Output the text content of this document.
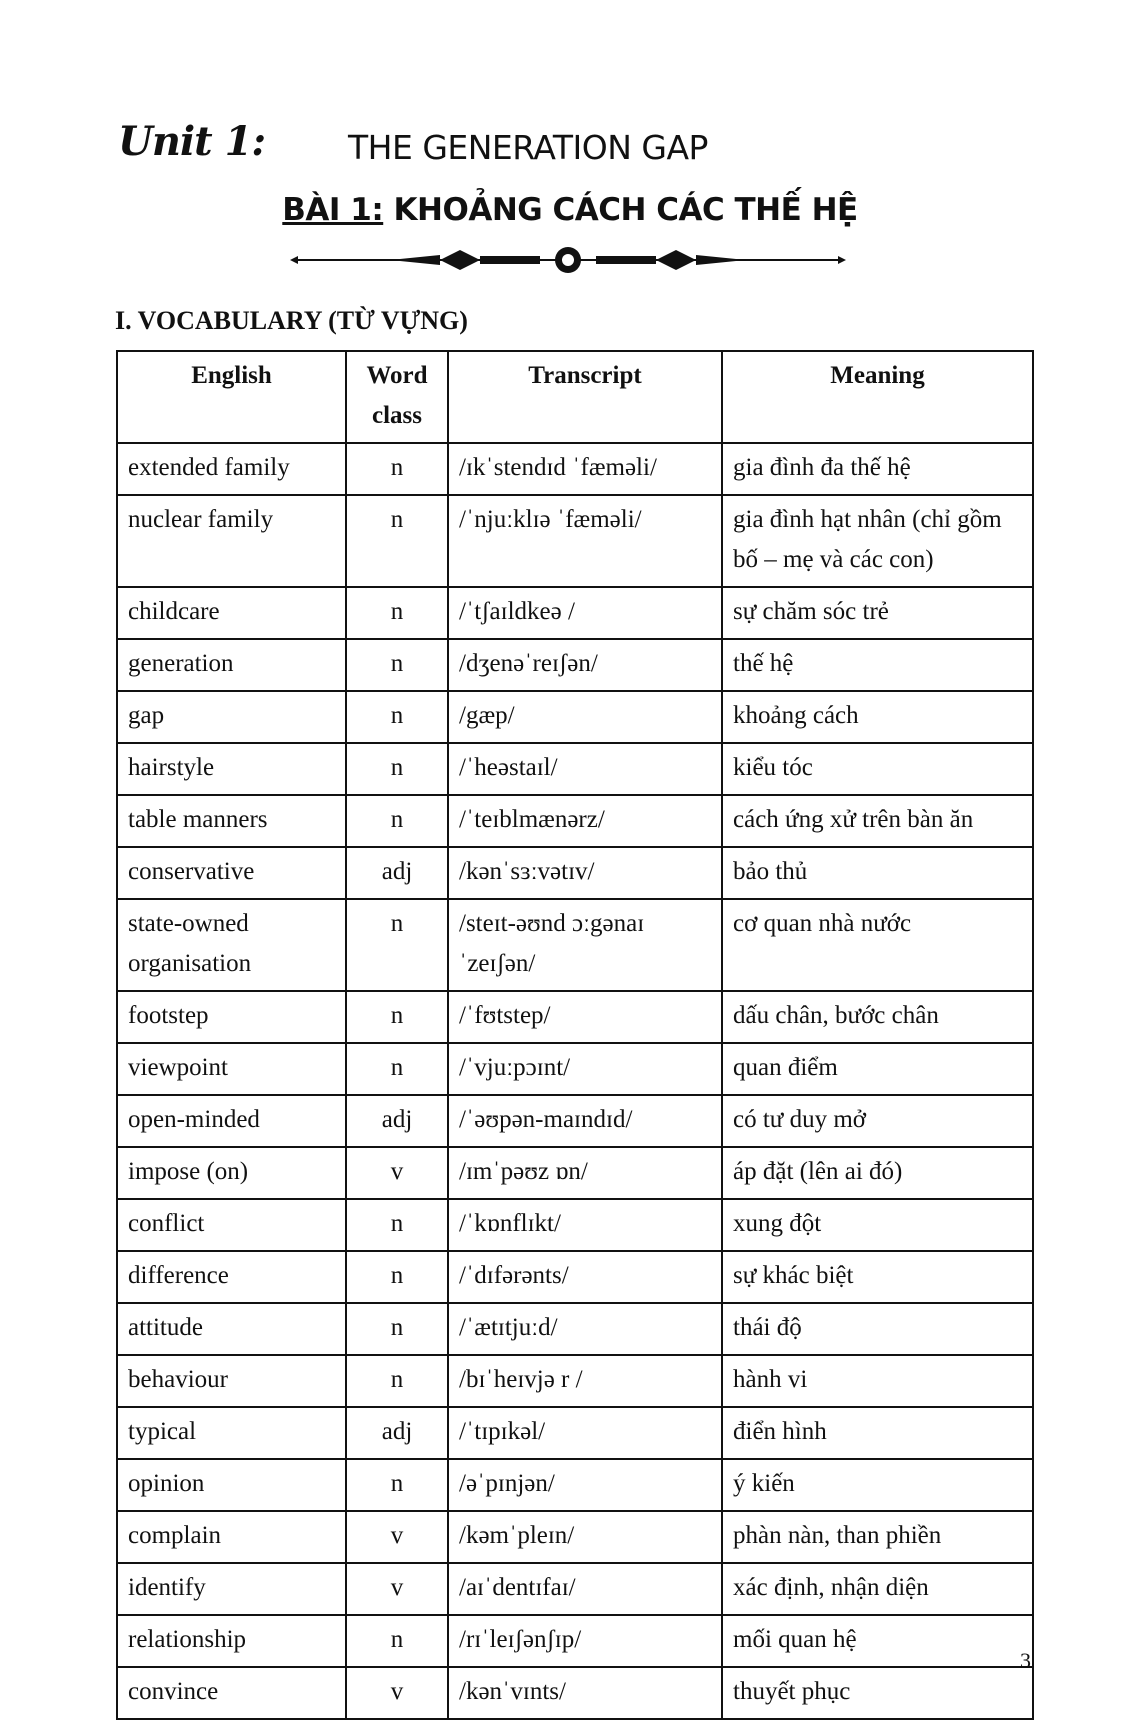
Unit 1:	THE GENERATION GAP
BÀI 1: KHOẢNG CÁCH CÁC THẾ HỆ
I. VOCABULARY (TỪ VỰNG)
English	Word class	Transcript	Meaning
extended family	n	/ɪkˈstendɪd ˈfæməli/	gia đình đa thế hệ
nuclear family	n	/ˈnjuːklɪə ˈfæməli/	gia đình hạt nhân (chỉ gồm bố – mẹ và các con)
childcare	n	/ˈtʃaɪldkeə /	sự chăm sóc trẻ
generation	n	/dʒenəˈreɪʃən/	thế hệ
gap	n	/gæp/	khoảng cách
hairstyle	n	/ˈheəstaɪl/	kiểu tóc
table manners	n	/ˈteɪblmænərz/	cách ứng xử trên bàn ăn
conservative	adj	/kənˈsɜːvətɪv/	bảo thủ
state-owned organisation	n	/steɪt-əʊnd ɔːgənaɪˈzeɪʃən/	cơ quan nhà nước
footstep	n	/ˈfʊtstep/	dấu chân, bước chân
viewpoint	n	/ˈvjuːpɔɪnt/	quan điểm
open-minded	adj	/ˈəʊpən-maɪndɪd/	có tư duy mở
impose (on)	v	/ɪmˈpəʊz ɒn/	áp đặt (lên ai đó)
conflict	n	/ˈkɒnflɪkt/	xung đột
difference	n	/ˈdɪfərənts/	sự khác biệt
attitude	n	/ˈætɪtjuːd/	thái độ
behaviour	n	/bɪˈheɪvjə r /	hành vi
typical	adj	/ˈtɪpɪkəl/	điển hình
opinion	n	/əˈpɪnjən/	ý kiến
complain	v	/kəmˈpleɪn/	phàn nàn, than phiền
identify	v	/aɪˈdentɪfaɪ/	xác định, nhận diện
relationship	n	/rɪˈleɪʃənʃɪp/	mối quan hệ
convince	v	/kənˈvɪnts/	thuyết phục
3
